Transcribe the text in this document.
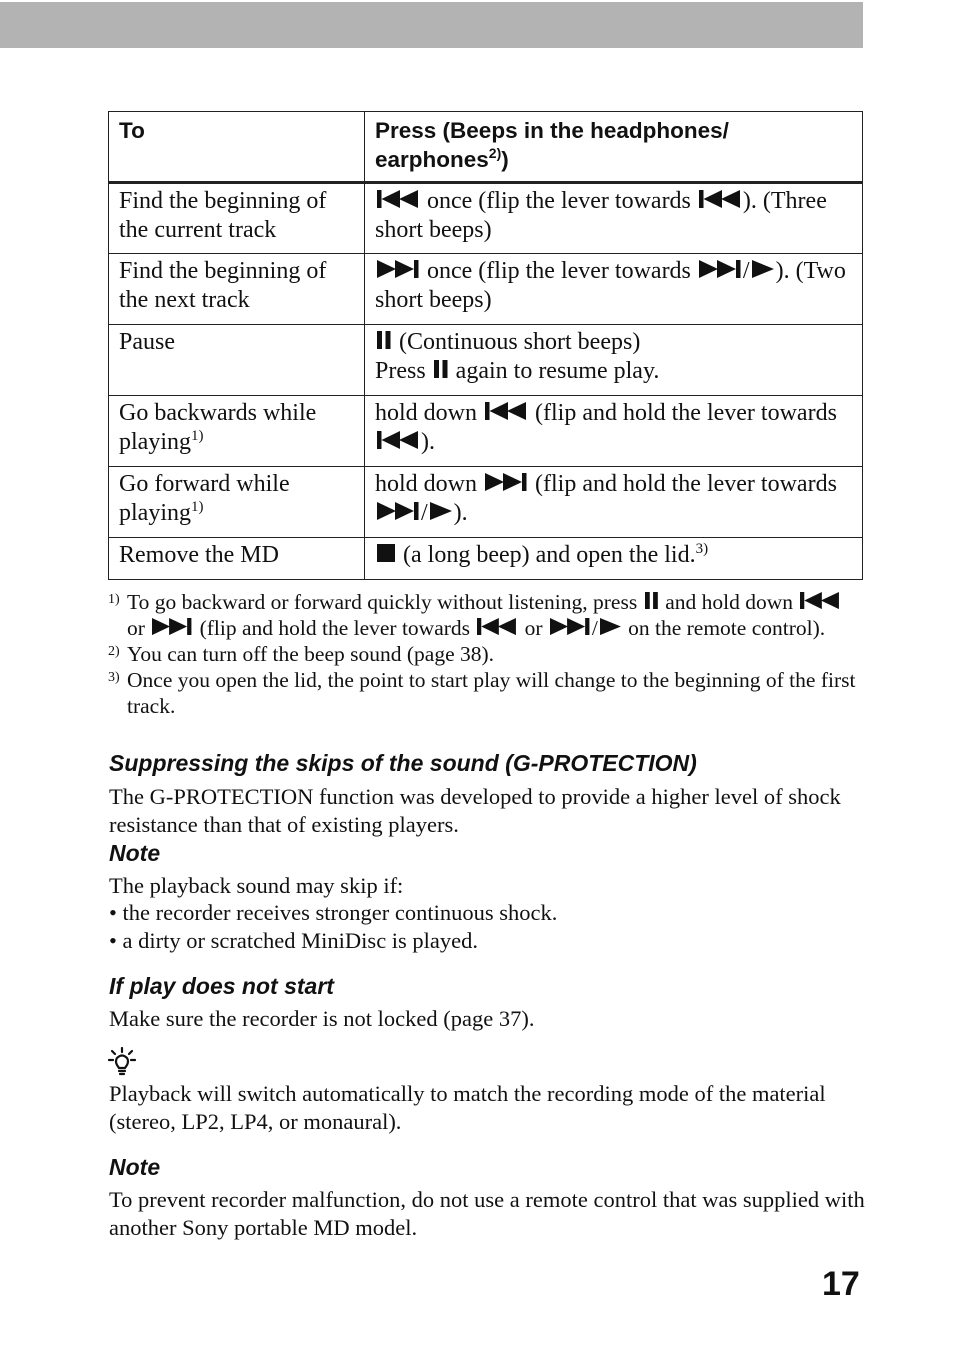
To	Press (Beeps in the headphones/ earphones$^{2)}$)
Find the beginning of the current track	once (flip the lever towards
). (Three short beeps)
Find the beginning of the next track	once (flip the lever towards
/ ). (Two short beeps)
Pause	(Continuous short beeps)
Press
again to resume play.
Go backwards while playing$^{1)}$	hold down
(flip and hold the lever towards
).
Go forward while playing$^{1)}$	hold down
(flip and hold the lever towards
/ ).
Remove the MD	(a long beep) and open the lid.$^{3)}$
1) To go backward or forward quickly without listening, press
and hold down
or
(flip and hold the lever towards
or
/
on the remote control).
2) You can turn off the beep sound (page 38).
3) Once you open the lid, the point to start play will change to the beginning of the first track.
Suppressing the skips of the sound (G-PROTECTION)
The G-PROTECTION function was developed to provide a higher level of shock resistance than that of existing players.
Note
The playback sound may skip if:
• the recorder receives stronger continuous shock.
• a dirty or scratched MiniDisc is played.
If play does not start
Make sure the recorder is not locked (page 37).
Playback will switch automatically to match the recording mode of the material (stereo, LP2, LP4, or monaural).
Note
To prevent recorder malfunction, do not use a remote control that was supplied with another Sony portable MD model.
17
